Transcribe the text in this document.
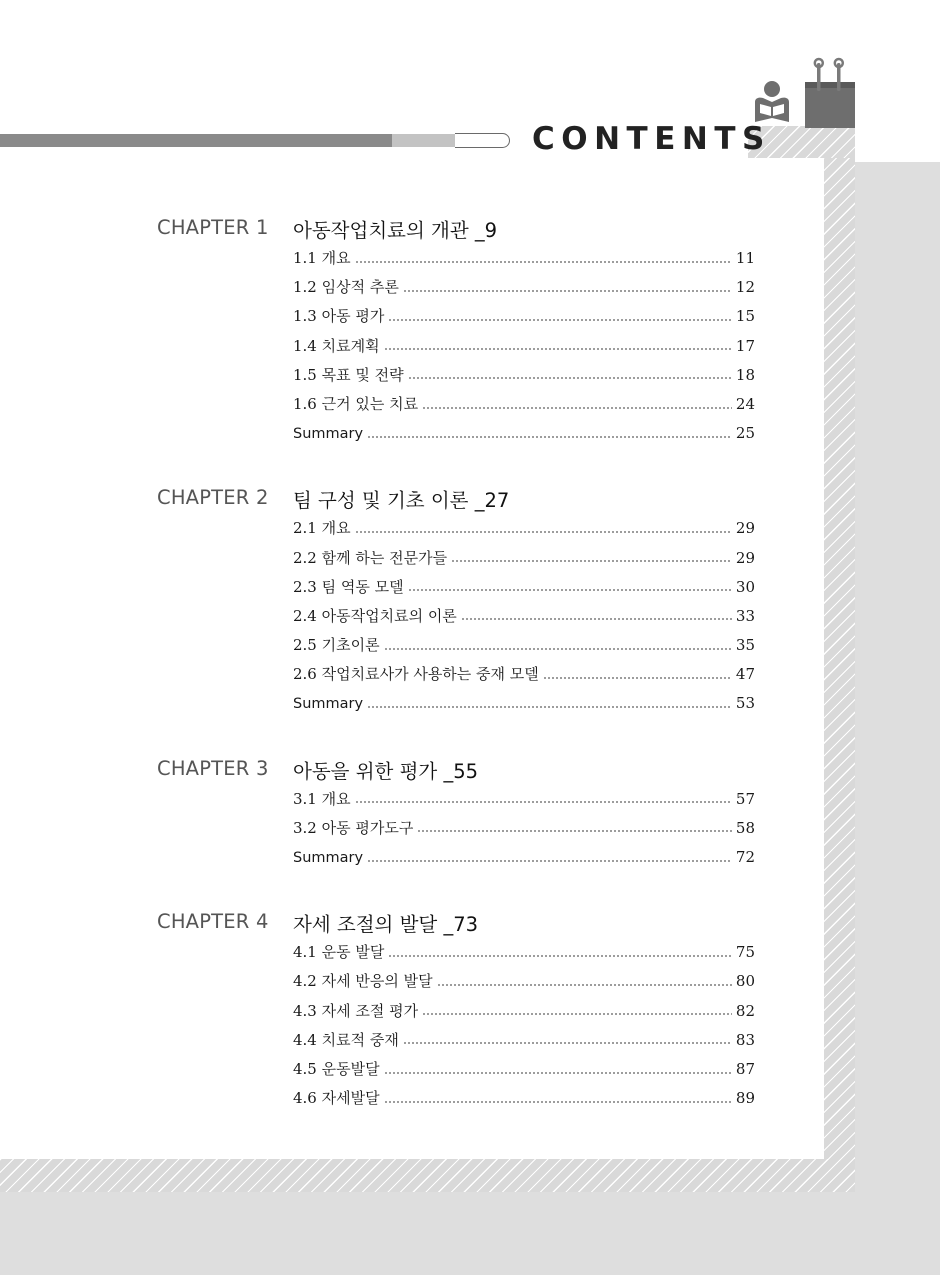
CONTENTS
CHAPTER 1 아동작업치료의 개관 _9
1.1 개요	11
1.2 임상적 추론	12
1.3 아동 평가	15
1.4 치료계획	17
1.5 목표 및 전략	18
1.6 근거 있는 치료	24
Summary	25
CHAPTER 2 팀 구성 및 기초 이론 _27
2.1 개요	29
2.2 함께 하는 전문가들	29
2.3 팀 역동 모델	30
2.4 아동작업치료의 이론	33
2.5 기초이론	35
2.6 작업치료사가 사용하는 중재 모델	47
Summary	53
CHAPTER 3 아동을 위한 평가 _55
3.1 개요	57
3.2 아동 평가도구	58
Summary	72
CHAPTER 4 자세 조절의 발달 _73
4.1 운동 발달	75
4.2 자세 반응의 발달	80
4.3 자세 조절 평가	82
4.4 치료적 중재	83
4.5 운동발달	87
4.6 자세발달	89
